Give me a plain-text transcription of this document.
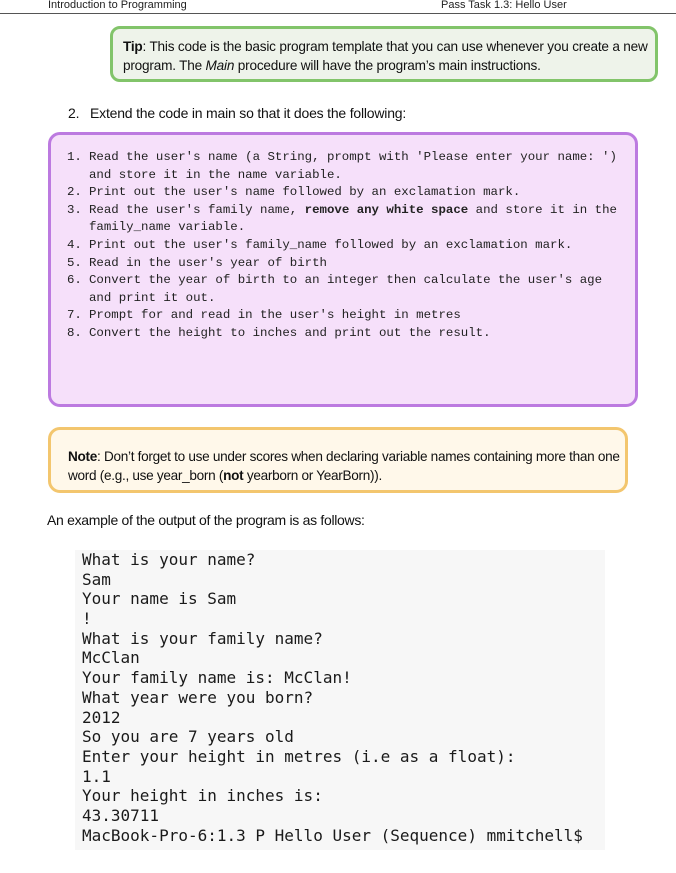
Introduction to Programming	Pass Task 1.3: Hello User
Tip: This code is the basic program template that you can use whenever you create a new program. The Main procedure will have the program’s main instructions.
2. Extend the code in main so that it does the following:
1. Read the user's name (a String, prompt with 'Please enter your name: ') and store it in the name variable.
2. Print out the user's name followed by an exclamation mark.
3. Read the user's family name, remove any white space and store it in the family_name variable.
4. Print out the user's family_name followed by an exclamation mark.
5. Read in the user's year of birth
6. Convert the year of birth to an integer then calculate the user's age and print it out.
7. Prompt for and read in the user's height in metres
8. Convert the height to inches and print out the result.
Note: Don’t forget to use under scores when declaring variable names containing more than one word (e.g., use year_born (not yearborn or YearBorn)).
An example of the output of the program is as follows:
What is your name?
Sam
Your name is Sam
!
What is your family name?
McClan
Your family name is: McClan!
What year were you born?
2012
So you are 7 years old
Enter your height in metres (i.e as a float):
1.1
Your height in inches is:
43.30711
MacBook-Pro-6:1.3 P Hello User (Sequence) mmitchell$
